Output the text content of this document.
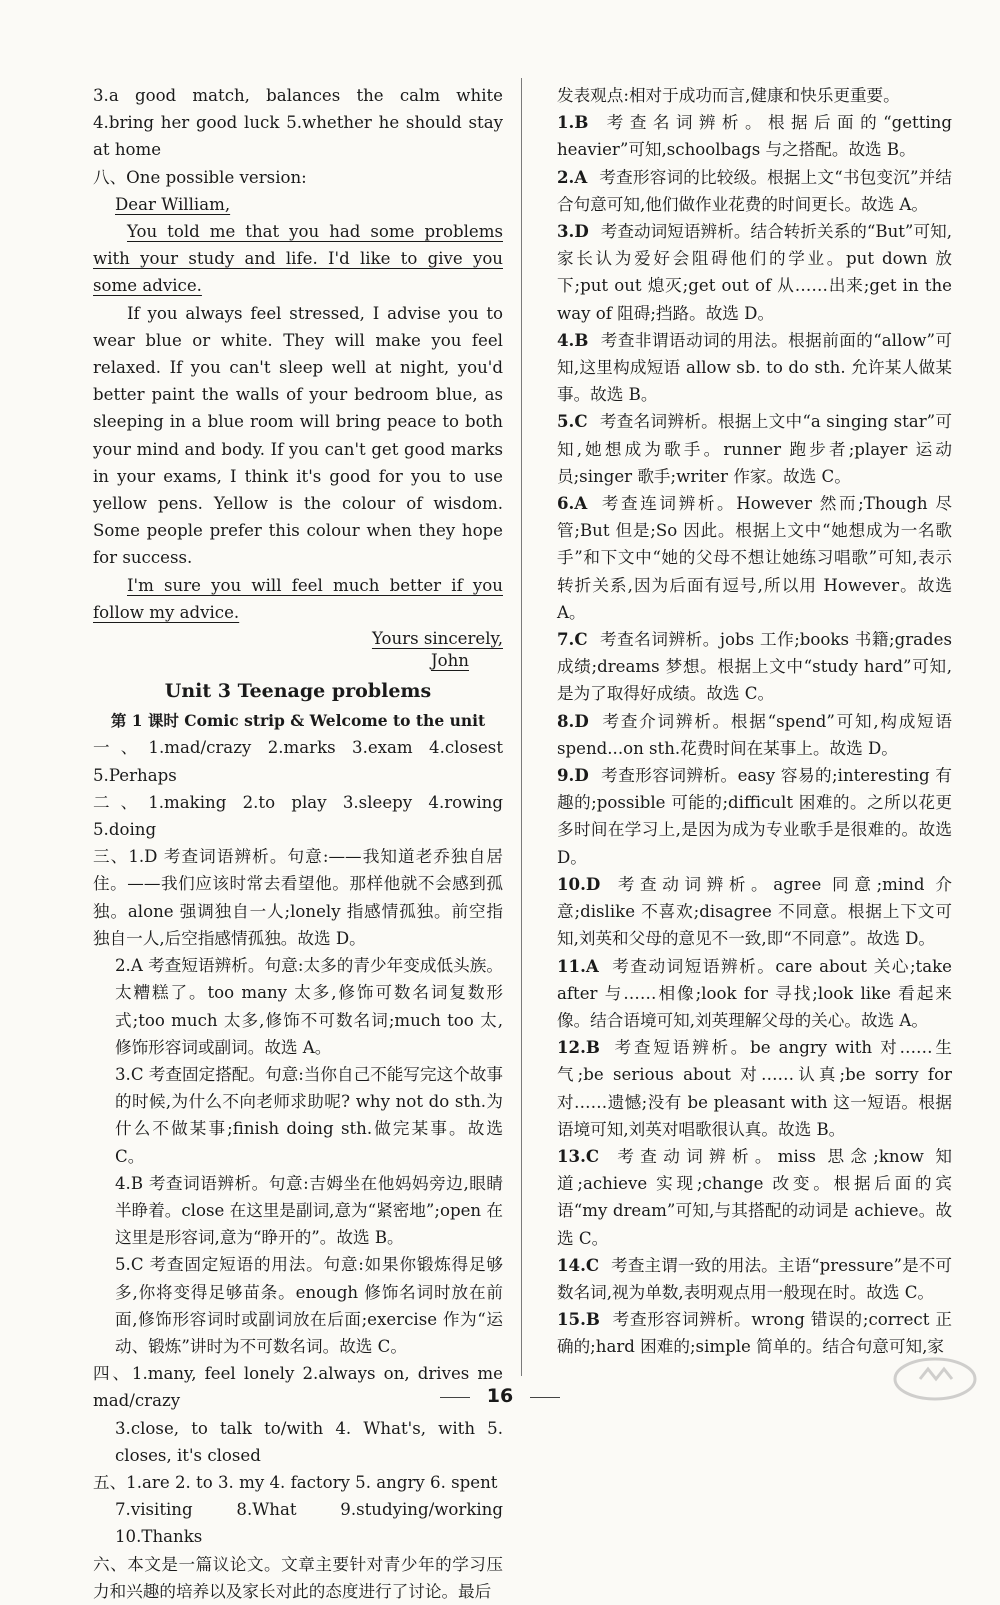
3.a good match, balances the calm white 4.bring her good luck 5.whether he should stay at home

八、One possible version:

Dear William,

You told me that you had some problems with your study and life. I'd like to give you some advice.

If you always feel stressed, I advise you to wear blue or white. They will make you feel relaxed. If you can't sleep well at night, you'd better paint the walls of your bedroom blue, as sleeping in a blue room will bring peace to both your mind and body. If you can't get good marks in your exams, I think it's good for you to use yellow pens. Yellow is the colour of wisdom. Some people prefer this colour when they hope for success.

I'm sure you will feel much better if you follow my advice.

Yours sincerely,

John

Unit 3 Teenage problems
第 1 课时 Comic strip & Welcome to the unit

一、1.mad/crazy 2.marks 3.exam 4.closest 5.Perhaps

二、1.making 2.to play 3.sleepy 4.rowing 5.doing

三、1.D 考查词语辨析。句意:——我知道老乔独自居住。——我们应该时常去看望他。那样他就不会感到孤独。alone 强调独自一人;lonely 指感情孤独。前空指独自一人,后空指感情孤独。故选 D。

2.A 考查短语辨析。句意:太多的青少年变成低头族。太糟糕了。too many 太多,修饰可数名词复数形式;too much 太多,修饰不可数名词;much too 太,修饰形容词或副词。故选 A。

3.C 考查固定搭配。句意:当你自己不能写完这个故事的时候,为什么不向老师求助呢? why not do sth.为什么不做某事;finish doing sth.做完某事。故选 C。

4.B 考查词语辨析。句意:吉姆坐在他妈妈旁边,眼睛半睁着。close 在这里是副词,意为“紧密地”;open 在这里是形容词,意为“睁开的”。故选 B。

5.C 考查固定短语的用法。句意:如果你锻炼得足够多,你将变得足够苗条。enough 修饰名词时放在前面,修饰形容词时或副词放在后面;exercise 作为“运动、锻炼”讲时为不可数名词。故选 C。

四、1.many, feel lonely 2.always on, drives me mad/crazy

3.close, to talk to/with 4. What's, with 5. closes, it's closed

五、1.are 2. to 3. my 4. factory 5. angry 6. spent

7.visiting 8.What 9.studying/working 10.Thanks

六、本文是一篇议论文。文章主要针对青少年的学习压力和兴趣的培养以及家长对此的态度进行了讨论。最后

发表观点:相对于成功而言,健康和快乐更重要。

1.B 考查名词辨析。根据后面的“getting heavier”可知,schoolbags 与之搭配。故选 B。

2.A 考查形容词的比较级。根据上文“书包变沉”并结合句意可知,他们做作业花费的时间更长。故选 A。

3.D 考查动词短语辨析。结合转折关系的“But”可知,家长认为爱好会阻碍他们的学业。put down 放下;put out 熄灭;get out of 从……出来;get in the way of 阻碍;挡路。故选 D。

4.B 考查非谓语动词的用法。根据前面的“allow”可知,这里构成短语 allow sb. to do sth. 允许某人做某事。故选 B。

5.C 考查名词辨析。根据上文中“a singing star”可知,她想成为歌手。runner 跑步者;player 运动员;singer 歌手;writer 作家。故选 C。

6.A 考查连词辨析。However 然而;Though 尽管;But 但是;So 因此。根据上文中“她想成为一名歌手”和下文中“她的父母不想让她练习唱歌”可知,表示转折关系,因为后面有逗号,所以用 However。故选 A。

7.C 考查名词辨析。jobs 工作;books 书籍;grades 成绩;dreams 梦想。根据上文中“study hard”可知,是为了取得好成绩。故选 C。

8.D 考查介词辨析。根据“spend”可知,构成短语 spend...on sth.花费时间在某事上。故选 D。

9.D 考查形容词辨析。easy 容易的;interesting 有趣的;possible 可能的;difficult 困难的。之所以花更多时间在学习上,是因为成为专业歌手是很难的。故选 D。

10.D 考查动词辨析。agree 同意;mind 介意;dislike 不喜欢;disagree 不同意。根据上下文可知,刘英和父母的意见不一致,即“不同意”。故选 D。

11.A 考查动词短语辨析。care about 关心;take after 与……相像;look for 寻找;look like 看起来像。结合语境可知,刘英理解父母的关心。故选 A。

12.B 考查短语辨析。be angry with 对……生气;be serious about 对……认真;be sorry for 对……遗憾;没有 be pleasant with 这一短语。根据语境可知,刘英对唱歌很认真。故选 B。

13.C 考查动词辨析。miss 思念;know 知道;achieve 实现;change 改变。根据后面的宾语“my dream”可知,与其搭配的动词是 achieve。故选 C。

14.C 考查主谓一致的用法。主语“pressure”是不可数名词,视为单数,表明观点用一般现在时。故选 C。

15.B 考查形容词辨析。wrong 错误的;correct 正确的;hard 困难的;simple 简单的。结合句意可知,家

16
